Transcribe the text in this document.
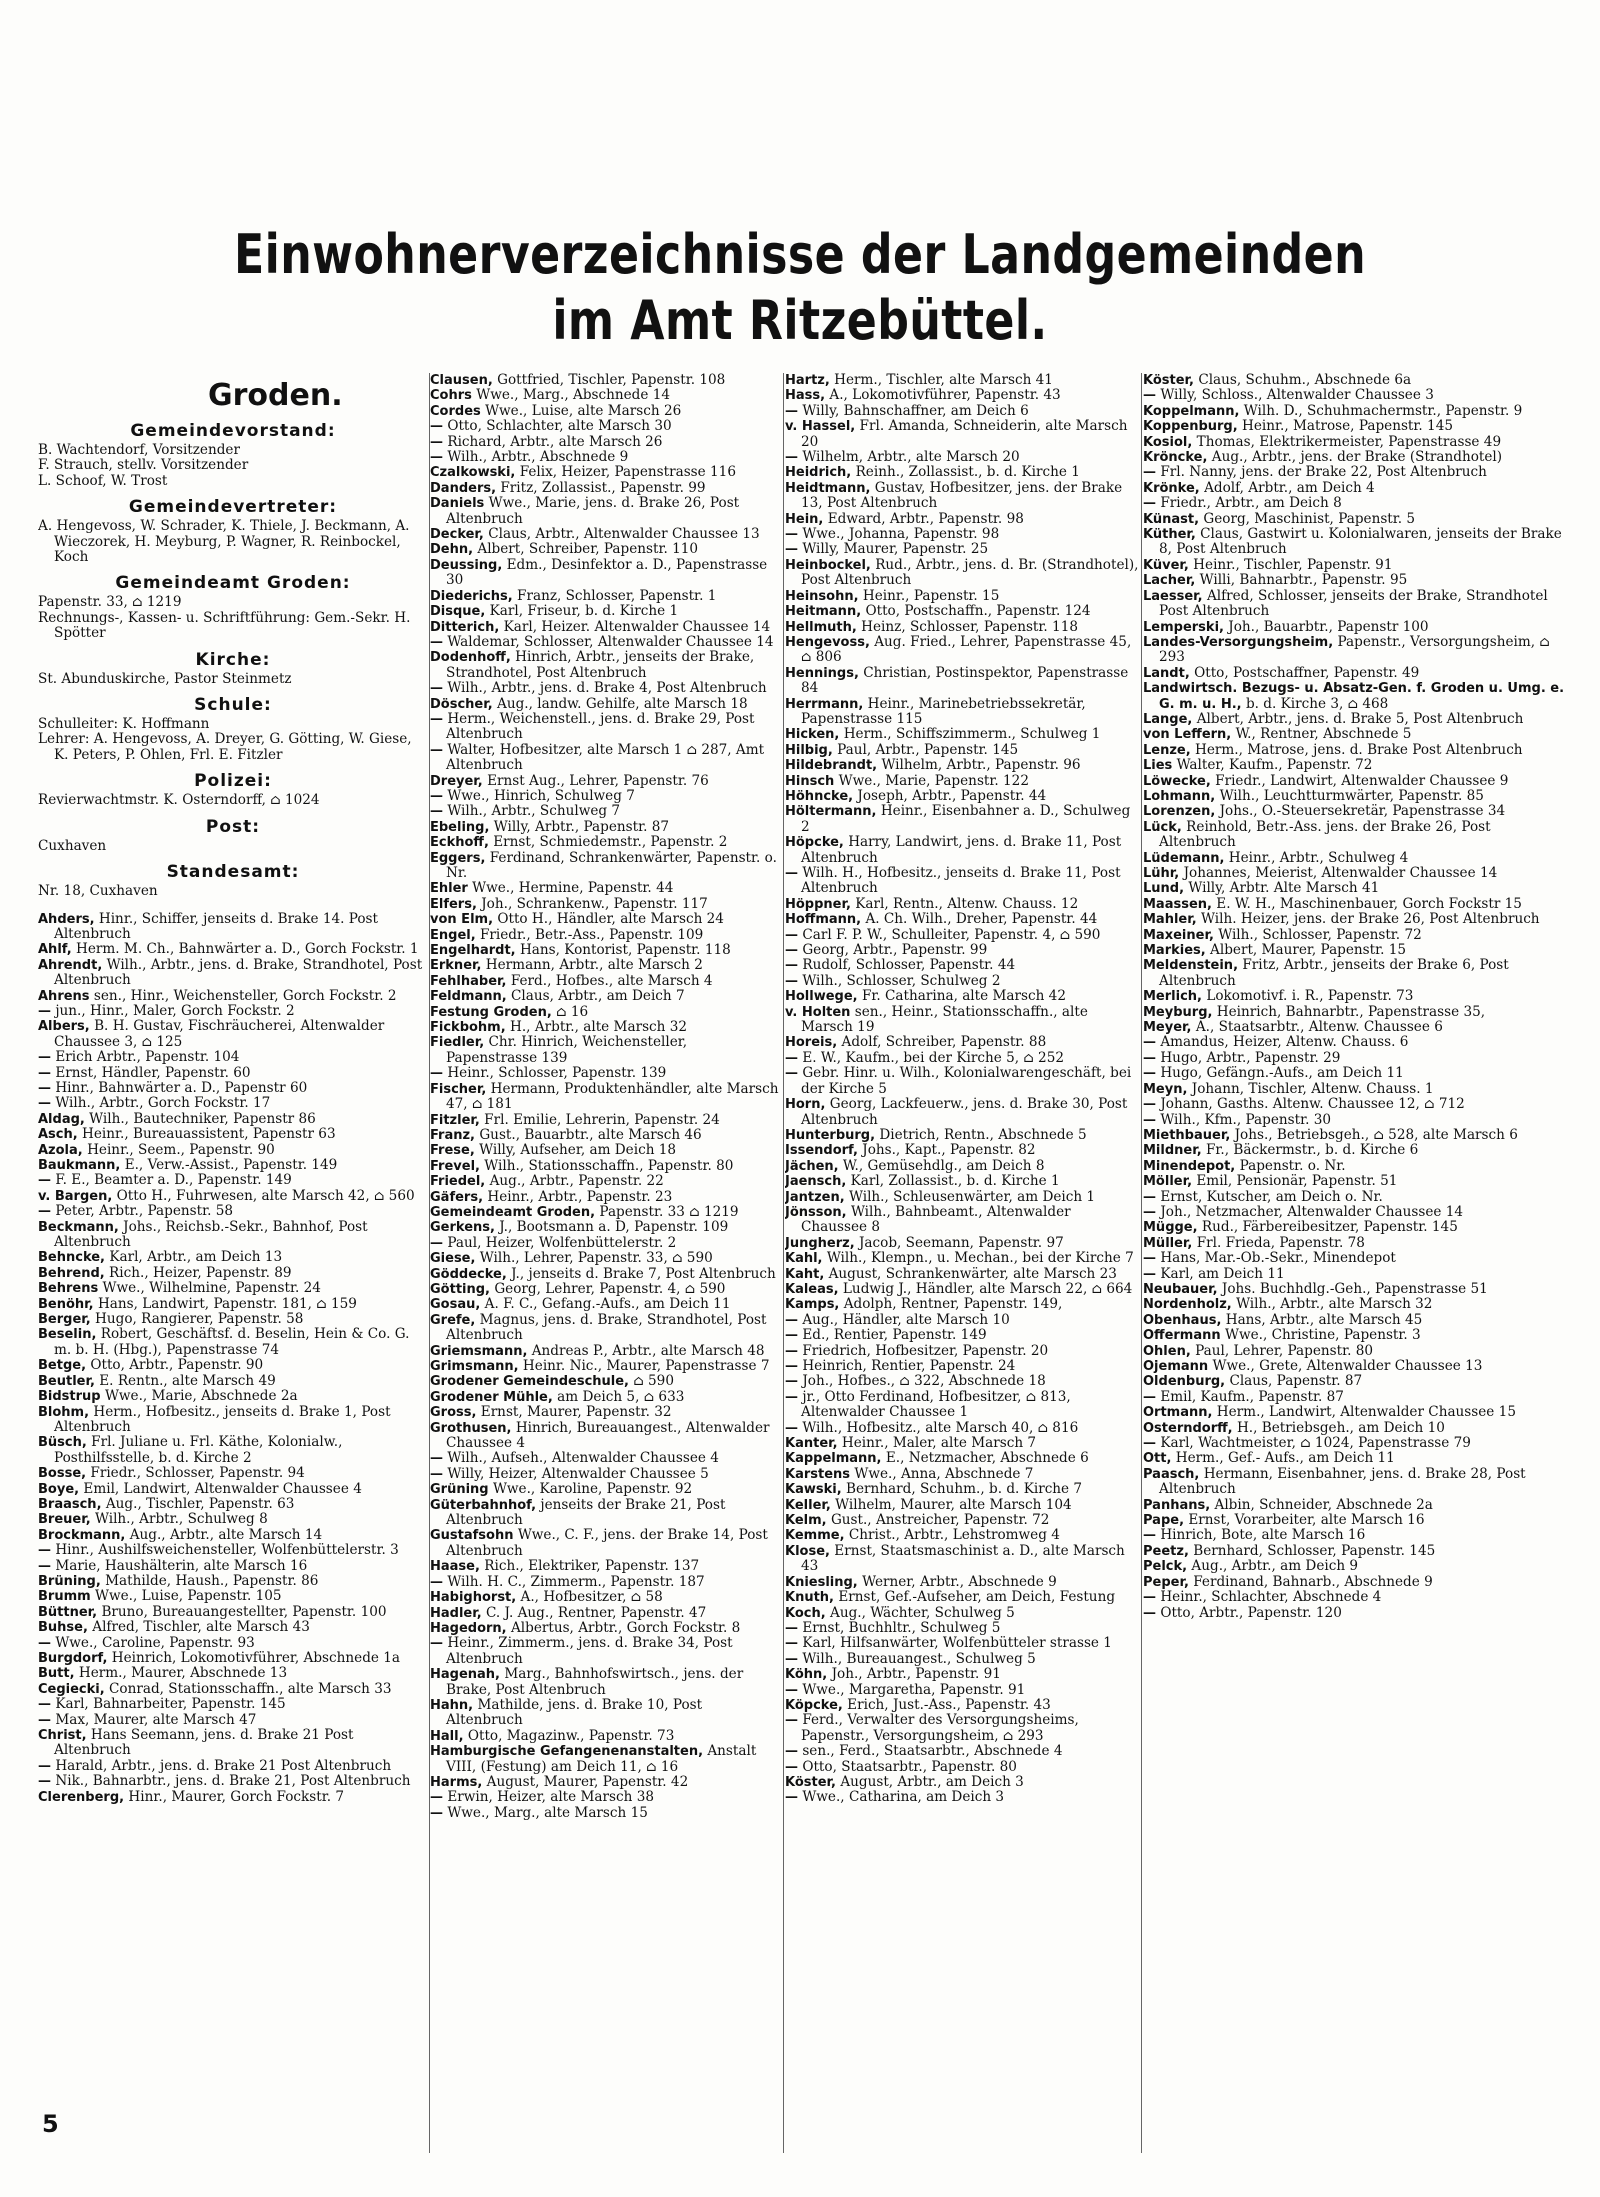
Einwohnerverzeichnisse der Landgemeinden
im Amt Ritzebüttel.
Groden.
Gemeindevorstand:

B. Wachtendorf, Vorsitzender

F. Strauch, stellv. Vorsitzender

L. Schoof, W. Trost

Gemeindevertreter:

A. Hengevoss, W. Schrader, K. Thiele, J. Beckmann, A. Wieczorek, H. Meyburg, P. Wagner, R. Reinbockel, Koch

Gemeindeamt Groden:

Papenstr. 33, ⌂ 1219

Rechnungs-, Kassen- u. Schriftführung: Gem.-Sekr. H. Spötter

Kirche:

St. Abunduskirche, Pastor Steinmetz

Schule:

Schulleiter: K. Hoffmann

Lehrer: A. Hengevoss, A. Dreyer, G. Götting, W. Giese, K. Peters, P. Ohlen, Frl. E. Fitzler

Polizei:

Revierwachtmstr. K. Osterndorff, ⌂ 1024

Post:

Cuxhaven

Standesamt:

Nr. 18, Cuxhaven

Ahders, Hinr., Schiffer, jenseits d. Brake 14. Post Altenbruch

Ahlf, Herm. M. Ch., Bahnwärter a. D., Gorch Fockstr. 1

Ahrendt, Wilh., Arbtr., jens. d. Brake, Strandhotel, Post Altenbruch

Ahrens sen., Hinr., Weichensteller, Gorch Fockstr. 2

— jun., Hinr., Maler, Gorch Fockstr. 2

Albers, B. H. Gustav, Fischräucherei, Altenwalder Chaussee 3, ⌂ 125

— Erich Arbtr., Papenstr. 104

— Ernst, Händler, Papenstr. 60

— Hinr., Bahnwärter a. D., Papenstr 60

— Wilh., Arbtr., Gorch Fockstr. 17

Aldag, Wilh., Bautechniker, Papenstr 86

Asch, Heinr., Bureauassistent, Papenstr 63

Azola, Heinr., Seem., Papenstr. 90

Baukmann, E., Verw.-Assist., Papenstr. 149

— F. E., Beamter a. D., Papenstr. 149

v. Bargen, Otto H., Fuhrwesen, alte Marsch 42, ⌂ 560

— Peter, Arbtr., Papenstr. 58

Beckmann, Johs., Reichsb.-Sekr., Bahnhof, Post Altenbruch

Behncke, Karl, Arbtr., am Deich 13

Behrend, Rich., Heizer, Papenstr. 89

Behrens Wwe., Wilhelmine, Papenstr. 24

Benöhr, Hans, Landwirt, Papenstr. 181, ⌂ 159

Berger, Hugo, Rangierer, Papenstr. 58

Beselin, Robert, Geschäftsf. d. Beselin, Hein & Co. G. m. b. H. (Hbg.), Papenstrasse 74

Betge, Otto, Arbtr., Papenstr. 90

Beutler, E. Rentn., alte Marsch 49

Bidstrup Wwe., Marie, Abschnede 2a

Blohm, Herm., Hofbesitz., jenseits d. Brake 1, Post Altenbruch

Büsch, Frl. Juliane u. Frl. Käthe, Kolonialw., Posthilfsstelle, b. d. Kirche 2

Bosse, Friedr., Schlosser, Papenstr. 94

Boye, Emil, Landwirt, Altenwalder Chaussee 4

Braasch, Aug., Tischler, Papenstr. 63

Breuer, Wilh., Arbtr., Schulweg 8

Brockmann, Aug., Arbtr., alte Marsch 14

— Hinr., Aushilfsweichensteller, Wolfenbüttelerstr. 3

— Marie, Haushälterin, alte Marsch 16

Brüning, Mathilde, Haush., Papenstr. 86

Brumm Wwe., Luise, Papenstr. 105

Büttner, Bruno, Bureauangestellter, Papenstr. 100

Buhse, Alfred, Tischler, alte Marsch 43

— Wwe., Caroline, Papenstr. 93

Burgdorf, Heinrich, Lokomotivführer, Abschnede 1a

Butt, Herm., Maurer, Abschnede 13

Cegiecki, Conrad, Stationsschaffn., alte Marsch 33

— Karl, Bahnarbeiter, Papenstr. 145

— Max, Maurer, alte Marsch 47

Christ, Hans Seemann, jens. d. Brake 21 Post Altenbruch

— Harald, Arbtr., jens. d. Brake 21 Post Altenbruch

— Nik., Bahnarbtr., jens. d. Brake 21, Post Altenbruch

Clerenberg, Hinr., Maurer, Gorch Fockstr. 7

Clausen, Gottfried, Tischler, Papenstr. 108

Cohrs Wwe., Marg., Abschnede 14

Cordes Wwe., Luise, alte Marsch 26

— Otto, Schlachter, alte Marsch 30

— Richard, Arbtr., alte Marsch 26

— Wilh., Arbtr., Abschnede 9

Czalkowski, Felix, Heizer, Papenstrasse 116

Danders, Fritz, Zollassist., Papenstr. 99

Daniels Wwe., Marie, jens. d. Brake 26, Post Altenbruch

Decker, Claus, Arbtr., Altenwalder Chaussee 13

Dehn, Albert, Schreiber, Papenstr. 110

Deussing, Edm., Desinfektor a. D., Papenstrasse 30

Diederichs, Franz, Schlosser, Papenstr. 1

Disque, Karl, Friseur, b. d. Kirche 1

Ditterich, Karl, Heizer. Altenwalder Chaussee 14

— Waldemar, Schlosser, Altenwalder Chaussee 14

Dodenhoff, Hinrich, Arbtr., jenseits der Brake, Strandhotel, Post Altenbruch

— Wilh., Arbtr., jens. d. Brake 4, Post Altenbruch

Döscher, Aug., landw. Gehilfe, alte Marsch 18

— Herm., Weichenstell., jens. d. Brake 29, Post Altenbruch

— Walter, Hofbesitzer, alte Marsch 1 ⌂ 287, Amt Altenbruch

Dreyer, Ernst Aug., Lehrer, Papenstr. 76

— Wwe., Hinrich, Schulweg 7

— Wilh., Arbtr., Schulweg 7

Ebeling, Willy, Arbtr., Papenstr. 87

Eckhoff, Ernst, Schmiedemstr., Papenstr. 2

Eggers, Ferdinand, Schrankenwärter, Papenstr. o. Nr.

Ehler Wwe., Hermine, Papenstr. 44

Elfers, Joh., Schrankenw., Papenstr. 117

von Elm, Otto H., Händler, alte Marsch 24

Engel, Friedr., Betr.-Ass., Papenstr. 109

Engelhardt, Hans, Kontorist, Papenstr. 118

Erkner, Hermann, Arbtr., alte Marsch 2

Fehlhaber, Ferd., Hofbes., alte Marsch 4

Feldmann, Claus, Arbtr., am Deich 7

Festung Groden, ⌂ 16

Fickbohm, H., Arbtr., alte Marsch 32

Fiedler, Chr. Hinrich, Weichensteller, Papenstrasse 139

— Heinr., Schlosser, Papenstr. 139

Fischer, Hermann, Produktenhändler, alte Marsch 47, ⌂ 181

Fitzler, Frl. Emilie, Lehrerin, Papenstr. 24

Franz, Gust., Bauarbtr., alte Marsch 46

Frese, Willy, Aufseher, am Deich 18

Frevel, Wilh., Stationsschaffn., Papenstr. 80

Friedel, Aug., Arbtr., Papenstr. 22

Gäfers, Heinr., Arbtr., Papenstr. 23

Gemeindeamt Groden, Papenstr. 33 ⌂ 1219

Gerkens, J., Bootsmann a. D, Papenstr. 109

— Paul, Heizer, Wolfenbüttelerstr. 2

Giese, Wilh., Lehrer, Papenstr. 33, ⌂ 590

Göddecke, J., jenseits d. Brake 7, Post Altenbruch

Götting, Georg, Lehrer, Papenstr. 4, ⌂ 590

Gosau, A. F. C., Gefang.-Aufs., am Deich 11

Grefe, Magnus, jens. d. Brake, Strandhotel, Post Altenbruch

Griemsmann, Andreas P., Arbtr., alte Marsch 48

Grimsmann, Heinr. Nic., Maurer, Papenstrasse 7

Grodener Gemeindeschule, ⌂ 590

Grodener Mühle, am Deich 5, ⌂ 633

Gross, Ernst, Maurer, Papenstr. 32

Grothusen, Hinrich, Bureauangest., Altenwalder Chaussee 4

— Wilh., Aufseh., Altenwalder Chaussee 4

— Willy, Heizer, Altenwalder Chaussee 5

Grüning Wwe., Karoline, Papenstr. 92

Güterbahnhof, jenseits der Brake 21, Post Altenbruch

Gustafsohn Wwe., C. F., jens. der Brake 14, Post Altenbruch

Haase, Rich., Elektriker, Papenstr. 137

— Wilh. H. C., Zimmerm., Papenstr. 187

Habighorst, A., Hofbesitzer, ⌂ 58

Hadler, C. J. Aug., Rentner, Papenstr. 47

Hagedorn, Albertus, Arbtr., Gorch Fockstr. 8

— Heinr., Zimmerm., jens. d. Brake 34, Post Altenbruch

Hagenah, Marg., Bahnhofswirtsch., jens. der Brake, Post Altenbruch

Hahn, Mathilde, jens. d. Brake 10, Post Altenbruch

Hall, Otto, Magazinw., Papenstr. 73

Hamburgische Gefangenenanstalten, Anstalt VIII, (Festung) am Deich 11, ⌂ 16

Harms, August, Maurer, Papenstr. 42

— Erwin, Heizer, alte Marsch 38

— Wwe., Marg., alte Marsch 15

Hartz, Herm., Tischler, alte Marsch 41

Hass, A., Lokomotivführer, Papenstr. 43

— Willy, Bahnschaffner, am Deich 6

v. Hassel, Frl. Amanda, Schneiderin, alte Marsch 20

— Wilhelm, Arbtr., alte Marsch 20

Heidrich, Reinh., Zollassist., b. d. Kirche 1

Heidtmann, Gustav, Hofbesitzer, jens. der Brake 13, Post Altenbruch

Hein, Edward, Arbtr., Papenstr. 98

— Wwe., Johanna, Papenstr. 98

— Willy, Maurer, Papenstr. 25

Heinbockel, Rud., Arbtr., jens. d. Br. (Strandhotel), Post Altenbruch

Heinsohn, Heinr., Papenstr. 15

Heitmann, Otto, Postschaffn., Papenstr. 124

Hellmuth, Heinz, Schlosser, Papenstr. 118

Hengevoss, Aug. Fried., Lehrer, Papenstrasse 45, ⌂ 806

Hennings, Christian, Postinspektor, Papenstrasse 84

Herrmann, Heinr., Marinebetriebssekretär, Papenstrasse 115

Hicken, Herm., Schiffszimmerm., Schulweg 1

Hilbig, Paul, Arbtr., Papenstr. 145

Hildebrandt, Wilhelm, Arbtr., Papenstr. 96

Hinsch Wwe., Marie, Papenstr. 122

Höhncke, Joseph, Arbtr., Papenstr. 44

Höltermann, Heinr., Eisenbahner a. D., Schulweg 2

Höpcke, Harry, Landwirt, jens. d. Brake 11, Post Altenbruch

— Wilh. H., Hofbesitz., jenseits d. Brake 11, Post Altenbruch

Höppner, Karl, Rentn., Altenw. Chauss. 12

Hoffmann, A. Ch. Wilh., Dreher, Papenstr. 44

— Carl F. P. W., Schulleiter, Papenstr. 4, ⌂ 590

— Georg, Arbtr., Papenstr. 99

— Rudolf, Schlosser, Papenstr. 44

— Wilh., Schlosser, Schulweg 2

Hollwege, Fr. Catharina, alte Marsch 42

v. Holten sen., Heinr., Stationsschaffn., alte Marsch 19

Horeis, Adolf, Schreiber, Papenstr. 88

— E. W., Kaufm., bei der Kirche 5, ⌂ 252

— Gebr. Hinr. u. Wilh., Kolonialwarengeschäft, bei der Kirche 5

Horn, Georg, Lackfeuerw., jens. d. Brake 30, Post Altenbruch

Hunterburg, Dietrich, Rentn., Abschnede 5

Issendorf, Johs., Kapt., Papenstr. 82

Jächen, W., Gemüsehdlg., am Deich 8

Jaensch, Karl, Zollassist., b. d. Kirche 1

Jantzen, Wilh., Schleusenwärter, am Deich 1

Jönsson, Wilh., Bahnbeamt., Altenwalder Chaussee 8

Jungherz, Jacob, Seemann, Papenstr. 97

Kahl, Wilh., Klempn., u. Mechan., bei der Kirche 7

Kaht, August, Schrankenwärter, alte Marsch 23

Kaleas, Ludwig J., Händler, alte Marsch 22, ⌂ 664

Kamps, Adolph, Rentner, Papenstr. 149,

— Aug., Händler, alte Marsch 10

— Ed., Rentier, Papenstr. 149

— Friedrich, Hofbesitzer, Papenstr. 20

— Heinrich, Rentier, Papenstr. 24

— Joh., Hofbes., ⌂ 322, Abschnede 18

— jr., Otto Ferdinand, Hofbesitzer, ⌂ 813, Altenwalder Chaussee 1

— Wilh., Hofbesitz., alte Marsch 40, ⌂ 816

Kanter, Heinr., Maler, alte Marsch 7

Kappelmann, E., Netzmacher, Abschnede 6

Karstens Wwe., Anna, Abschnede 7

Kawski, Bernhard, Schuhm., b. d. Kirche 7

Keller, Wilhelm, Maurer, alte Marsch 104

Kelm, Gust., Anstreicher, Papenstr. 72

Kemme, Christ., Arbtr., Lehstromweg 4

Klose, Ernst, Staatsmaschinist a. D., alte Marsch 43

Kniesling, Werner, Arbtr., Abschnede 9

Knuth, Ernst, Gef.-Aufseher, am Deich, Festung

Koch, Aug., Wächter, Schulweg 5

— Ernst, Buchhltr., Schulweg 5

— Karl, Hilfsanwärter, Wolfenbütteler strasse 1

— Wilh., Bureauangest., Schulweg 5

Köhn, Joh., Arbtr., Papenstr. 91

— Wwe., Margaretha, Papenstr. 91

Köpcke, Erich, Just.-Ass., Papenstr. 43

— Ferd., Verwalter des Versorgungsheims, Papenstr., Versorgungsheim, ⌂ 293

— sen., Ferd., Staatsarbtr., Abschnede 4

— Otto, Staatsarbtr., Papenstr. 80

Köster, August, Arbtr., am Deich 3

— Wwe., Catharina, am Deich 3

Köster, Claus, Schuhm., Abschnede 6a

— Willy, Schloss., Altenwalder Chaussee 3

Koppelmann, Wilh. D., Schuhmachermstr., Papenstr. 9

Koppenburg, Heinr., Matrose, Papenstr. 145

Kosiol, Thomas, Elektrikermeister, Papenstrasse 49

Kröncke, Aug., Arbtr., jens. der Brake (Strandhotel)

— Frl. Nanny, jens. der Brake 22, Post Altenbruch

Krönke, Adolf, Arbtr., am Deich 4

— Friedr., Arbtr., am Deich 8

Künast, Georg, Maschinist, Papenstr. 5

Küther, Claus, Gastwirt u. Kolonialwaren, jenseits der Brake 8, Post Altenbruch

Küver, Heinr., Tischler, Papenstr. 91

Lacher, Willi, Bahnarbtr., Papenstr. 95

Laesser, Alfred, Schlosser, jenseits der Brake, Strandhotel Post Altenbruch

Lemperski, Joh., Bauarbtr., Papenstr 100

Landes-Versorgungsheim, Papenstr., Versorgungsheim, ⌂ 293

Landt, Otto, Postschaffner, Papenstr. 49

Landwirtsch. Bezugs- u. Absatz-Gen. f. Groden u. Umg. e. G. m. u. H., b. d. Kirche 3, ⌂ 468

Lange, Albert, Arbtr., jens. d. Brake 5, Post Altenbruch

von Leffern, W., Rentner, Abschnede 5

Lenze, Herm., Matrose, jens. d. Brake Post Altenbruch

Lies Walter, Kaufm., Papenstr. 72

Löwecke, Friedr., Landwirt, Altenwalder Chaussee 9

Lohmann, Wilh., Leuchtturmwärter, Papenstr. 85

Lorenzen, Johs., O.-Steuersekretär, Papenstrasse 34

Lück, Reinhold, Betr.-Ass. jens. der Brake 26, Post Altenbruch

Lüdemann, Heinr., Arbtr., Schulweg 4

Lühr, Johannes, Meierist, Altenwalder Chaussee 14

Lund, Willy, Arbtr. Alte Marsch 41

Maassen, E. W. H., Maschinenbauer, Gorch Fockstr 15

Mahler, Wilh. Heizer, jens. der Brake 26, Post Altenbruch

Maxeiner, Wilh., Schlosser, Papenstr. 72

Markies, Albert, Maurer, Papenstr. 15

Meldenstein, Fritz, Arbtr., jenseits der Brake 6, Post Altenbruch

Merlich, Lokomotivf. i. R., Papenstr. 73

Meyburg, Heinrich, Bahnarbtr., Papenstrasse 35,

Meyer, A., Staatsarbtr., Altenw. Chaussee 6

— Amandus, Heizer, Altenw. Chauss. 6

— Hugo, Arbtr., Papenstr. 29

— Hugo, Gefängn.-Aufs., am Deich 11

Meyn, Johann, Tischler, Altenw. Chauss. 1

— Johann, Gasths. Altenw. Chaussee 12, ⌂ 712

— Wilh., Kfm., Papenstr. 30

Miethbauer, Johs., Betriebsgeh., ⌂ 528, alte Marsch 6

Mildner, Fr., Bäckermstr., b. d. Kirche 6

Minendepot, Papenstr. o. Nr.

Möller, Emil, Pensionär, Papenstr. 51

— Ernst, Kutscher, am Deich o. Nr.

— Joh., Netzmacher, Altenwalder Chaussee 14

Mügge, Rud., Färbereibesitzer, Papenstr. 145

Müller, Frl. Frieda, Papenstr. 78

— Hans, Mar.-Ob.-Sekr., Minendepot

— Karl, am Deich 11

Neubauer, Johs. Buchhdlg.-Geh., Papenstrasse 51

Nordenholz, Wilh., Arbtr., alte Marsch 32

Obenhaus, Hans, Arbtr., alte Marsch 45

Offermann Wwe., Christine, Papenstr. 3

Ohlen, Paul, Lehrer, Papenstr. 80

Ojemann Wwe., Grete, Altenwalder Chaussee 13

Oldenburg, Claus, Papenstr. 87

— Emil, Kaufm., Papenstr. 87

Ortmann, Herm., Landwirt, Altenwalder Chaussee 15

Osterndorff, H., Betriebsgeh., am Deich 10

— Karl, Wachtmeister, ⌂ 1024, Papenstrasse 79

Ott, Herm., Gef.- Aufs., am Deich 11

Paasch, Hermann, Eisenbahner, jens. d. Brake 28, Post Altenbruch

Panhans, Albin, Schneider, Abschnede 2a

Pape, Ernst, Vorarbeiter, alte Marsch 16

— Hinrich, Bote, alte Marsch 16

Peetz, Bernhard, Schlosser, Papenstr. 145

Pelck, Aug., Arbtr., am Deich 9

Peper, Ferdinand, Bahnarb., Abschnede 9

— Heinr., Schlachter, Abschnede 4

— Otto, Arbtr., Papenstr. 120

5
